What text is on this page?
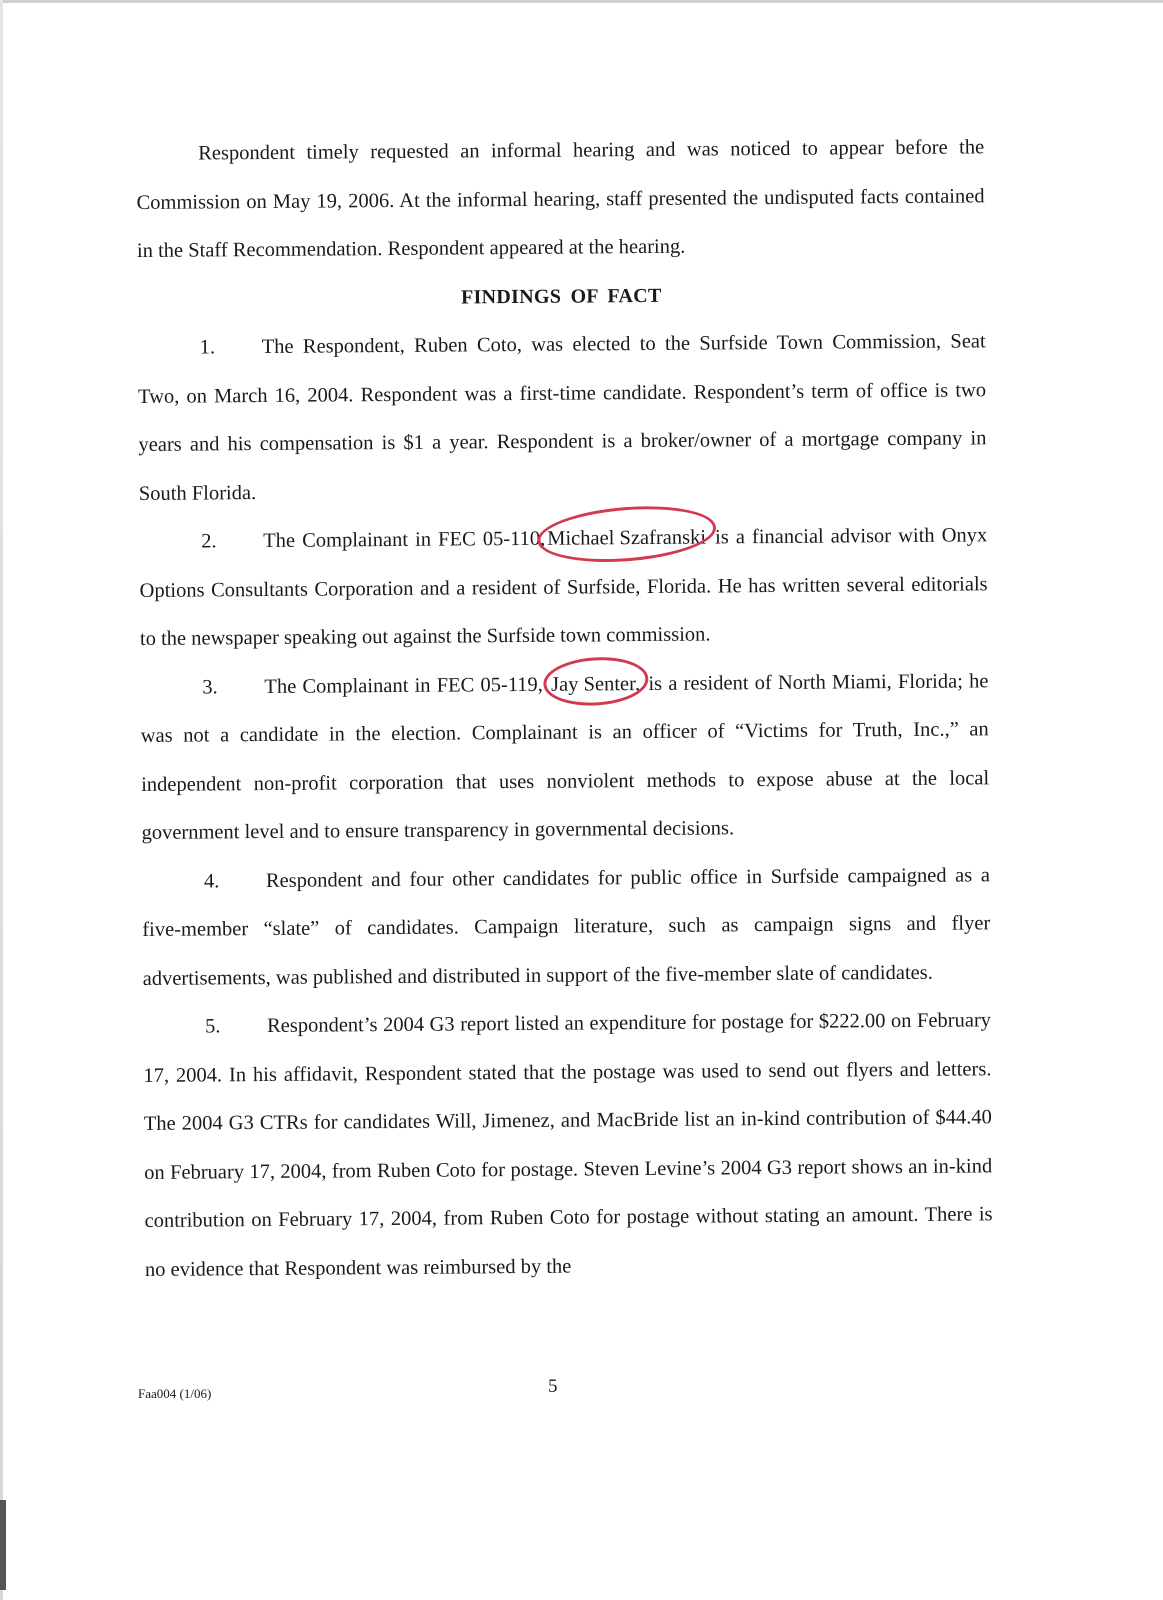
Respondent timely requested an informal hearing and was noticed to appear before the Commission on May 19, 2006. At the informal hearing, staff presented the undisputed facts contained in the Staff Recommendation. Respondent appeared at the hearing.

FINDINGS OF FACT

1. The Respondent, Ruben Coto, was elected to the Surfside Town Commission, Seat Two, on March 16, 2004. Respondent was a first-time candidate. Respondent’s term of office is two years and his compensation is $1 a year. Respondent is a broker/owner of a mortgage company in South Florida.

2. The Complainant in FEC 05-110,Michael Szafranski is a financial advisor with Onyx Options Consultants Corporation and a resident of Surfside, Florida. He has written several editorials to the newspaper speaking out against the Surfside town commission.

3. The Complainant in FEC 05-119, Jay Senter, is a resident of North Miami, Florida; he was not a candidate in the election. Complainant is an officer of “Victims for Truth, Inc.,” an independent non-profit corporation that uses nonviolent methods to expose abuse at the local government level and to ensure transparency in governmental decisions.

4. Respondent and four other candidates for public office in Surfside campaigned as a five-member “slate” of candidates. Campaign literature, such as campaign signs and flyer advertisements, was published and distributed in support of the five-member slate of candidates.

5. Respondent’s 2004 G3 report listed an expenditure for postage for $222.00 on February 17, 2004. In his affidavit, Respondent stated that the postage was used to send out flyers and letters. The 2004 G3 CTRs for candidates Will, Jimenez, and MacBride list an in-kind contribution of $44.40 on February 17, 2004, from Ruben Coto for postage. Steven Levine’s 2004 G3 report shows an in-kind contribution on February 17, 2004, from Ruben Coto for postage without stating an amount. There is no evidence that Respondent was reimbursed by the

Faa004 (1/06)	5
